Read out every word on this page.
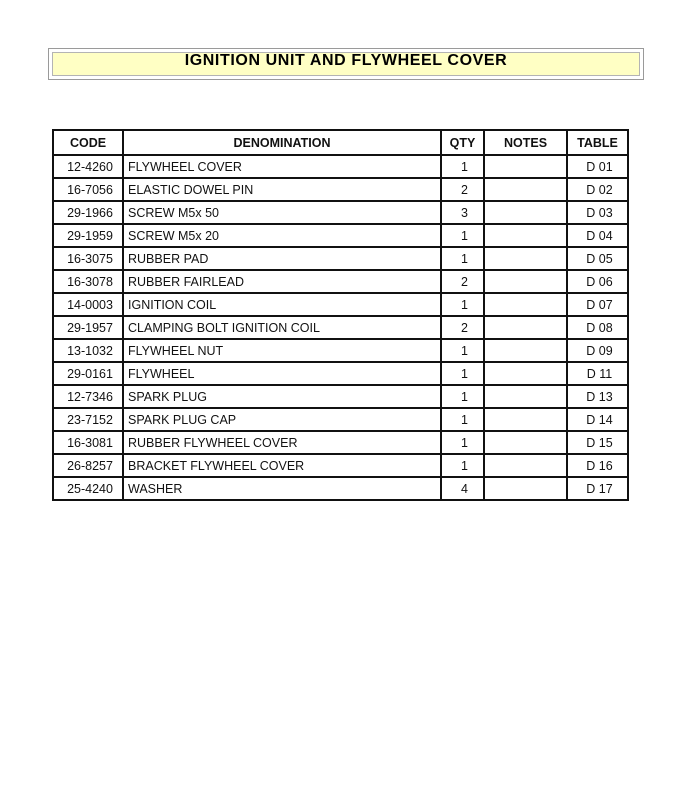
IGNITION UNIT AND FLYWHEEL COVER
CODE	DENOMINATION	QTY	NOTES	TABLE
12-4260	FLYWHEEL COVER	1		D 01
16-7056	ELASTIC DOWEL PIN	2		D 02
29-1966	SCREW M5x 50	3		D 03
29-1959	SCREW M5x 20	1		D 04
16-3075	RUBBER PAD	1		D 05
16-3078	RUBBER FAIRLEAD	2		D 06
14-0003	IGNITION COIL	1		D 07
29-1957	CLAMPING BOLT IGNITION COIL	2		D 08
13-1032	FLYWHEEL NUT	1		D 09
29-0161	FLYWHEEL	1		D 11
12-7346	SPARK PLUG	1		D 13
23-7152	SPARK PLUG CAP	1		D 14
16-3081	RUBBER FLYWHEEL COVER	1		D 15
26-8257	BRACKET FLYWHEEL COVER	1		D 16
25-4240	WASHER	4		D 17
